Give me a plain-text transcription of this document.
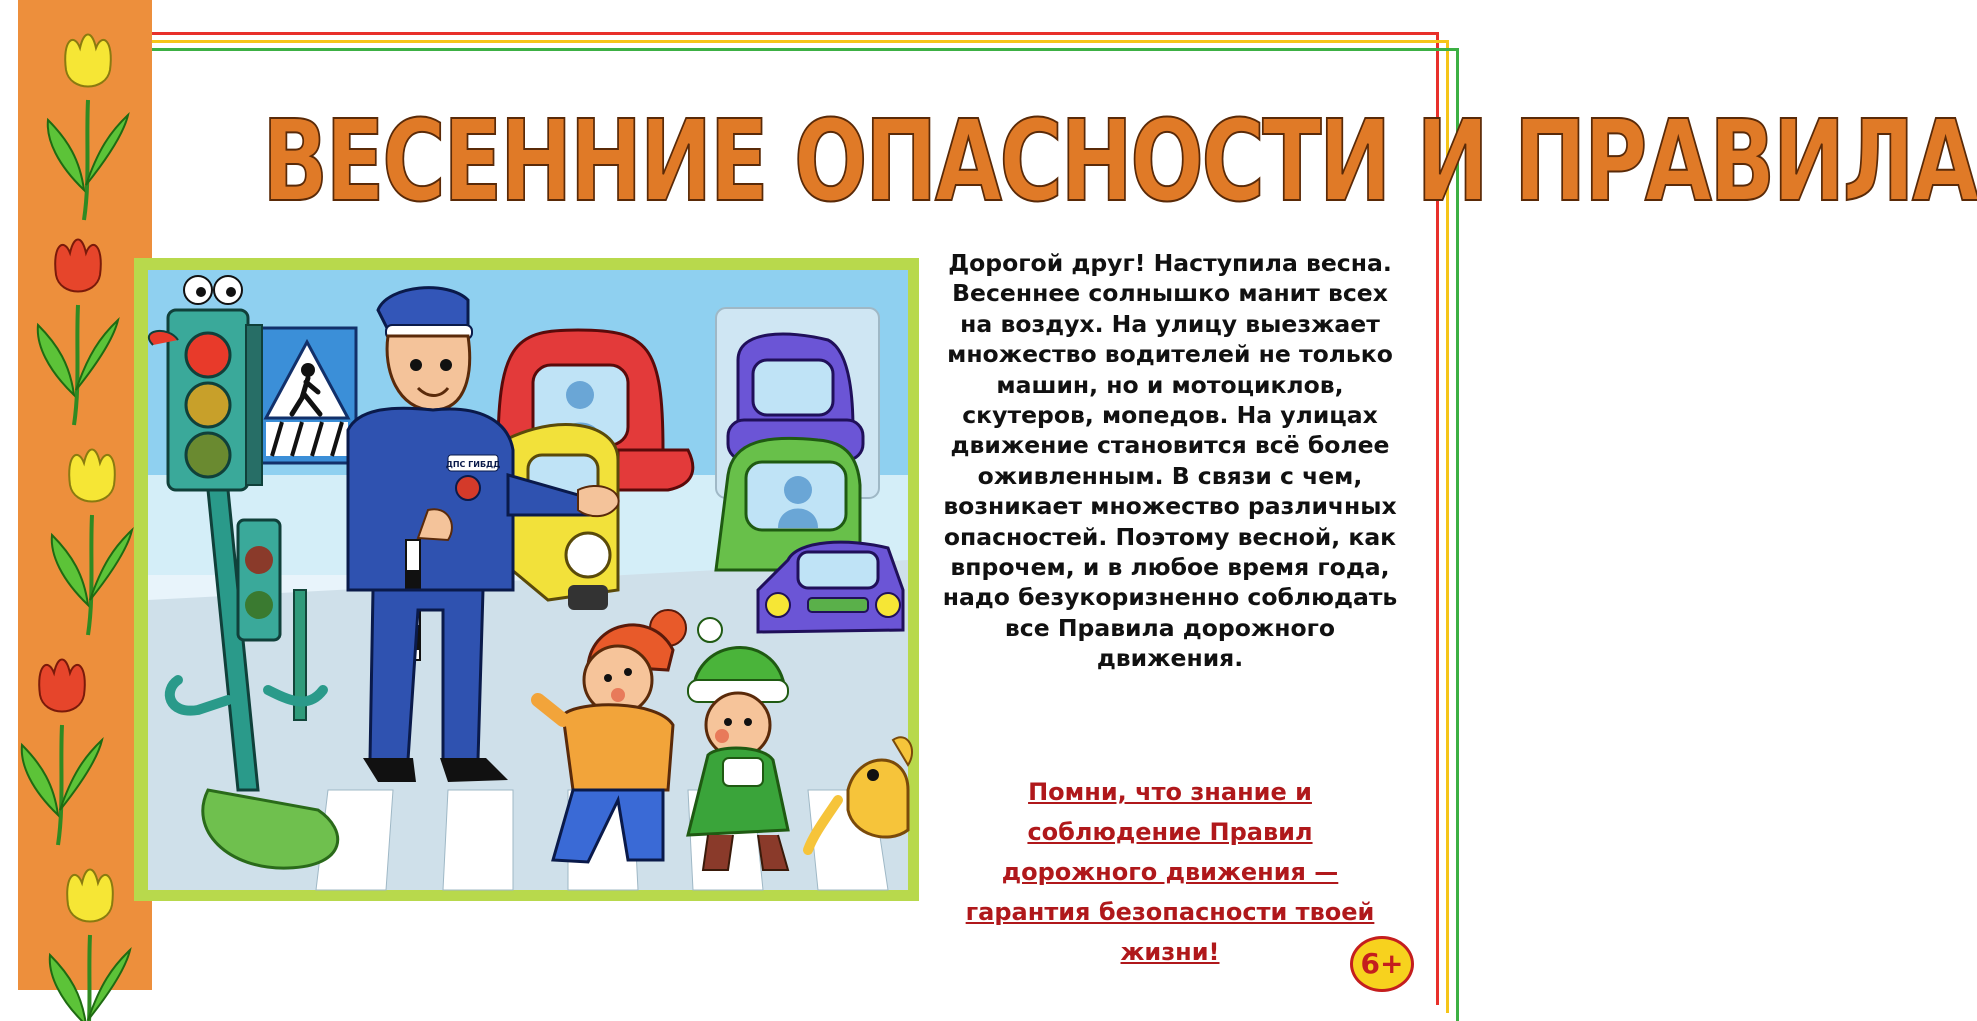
ВЕСЕННИЕ ОПАСНОСТИ И ПРАВИЛА
ДПС ГИБДД

Дорогой друг! Наступила весна. Весеннее солнышко манит всех на воздух. На улицу выезжает множество водителей не только машин, но и мотоциклов, скутеров, мопедов. На улицах движение становится всё более оживленным. В связи с чем, возникает множество различных опасностей. Поэтому весной, как впрочем, и в любое время года, надо безукоризненно соблюдать все Правила дорожного движения.

Помни, что знание и соблюдение Правил дорожного движения — гарантия безопасности твоей жизни!	6+
